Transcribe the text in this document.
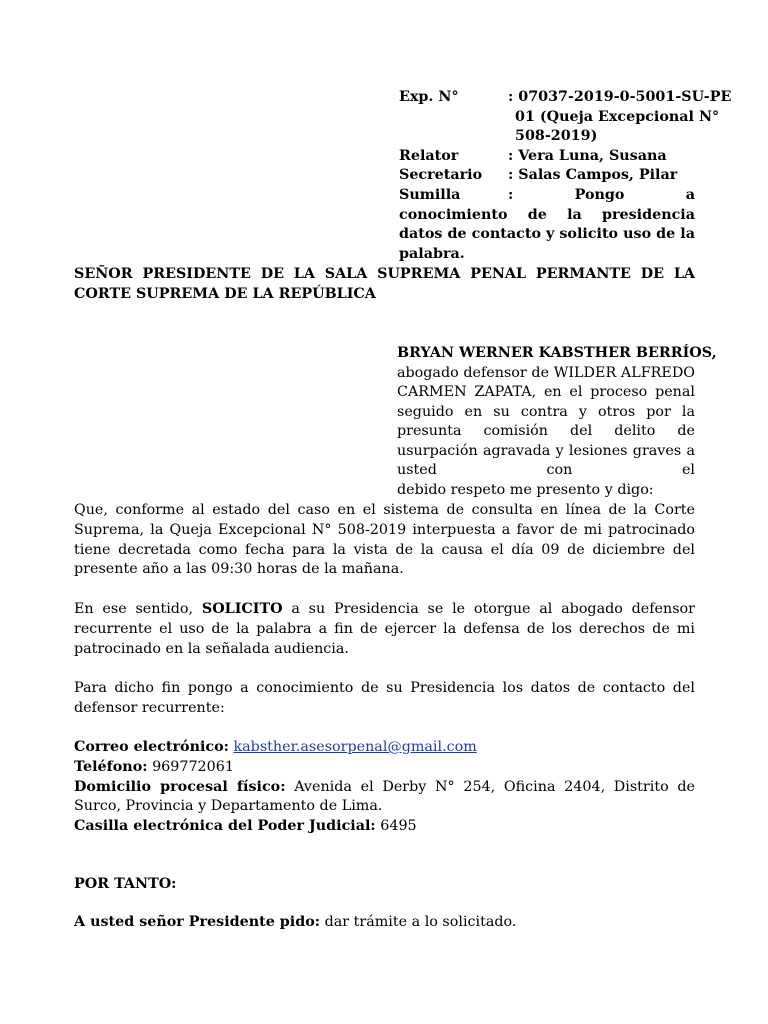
Exp. N°	: 07037-2019-0-5001-SU-PE
01 (Queja Excepcional N°
508-2019)
Relator	: Vera Luna, Susana
Secretario	: Salas Campos, Pilar
Sumilla	: Pongo a conocimiento de la presidencia datos de contacto y solicito uso de la palabra.
SEÑOR PRESIDENTE DE LA SALA SUPREMA PENAL PERMANTE DE LA CORTE SUPREMA DE LA REPÚBLICA
BRYAN WERNER KABSTHER BERRÍOS,
abogado defensor de WILDER ALFREDO CARMEN ZAPATA, en el proceso penal seguido en su contra y otros por la presunta comisión del delito de usurpación agravada y lesiones graves a usted con el
debido respeto me presento y digo:
Que, conforme al estado del caso en el sistema de consulta en línea de la Corte Suprema, la Queja Excepcional N° 508-2019 interpuesta a favor de mi patrocinado tiene decretada como fecha para la vista de la causa el día 09 de diciembre del presente año a las 09:30 horas de la mañana.
En ese sentido, SOLICITO a su Presidencia se le otorgue al abogado defensor recurrente el uso de la palabra a fin de ejercer la defensa de los derechos de mi patrocinado en la señalada audiencia.
Para dicho fin pongo a conocimiento de su Presidencia los datos de contacto del defensor recurrente:
Correo electrónico: kabsther.asesorpenal@gmail.com
Teléfono: 969772061
Domicilio procesal físico: Avenida el Derby N° 254, Oficina 2404, Distrito de Surco, Provincia y Departamento de Lima.
Casilla electrónica del Poder Judicial: 6495
POR TANTO:
A usted señor Presidente pido: dar trámite a lo solicitado.
